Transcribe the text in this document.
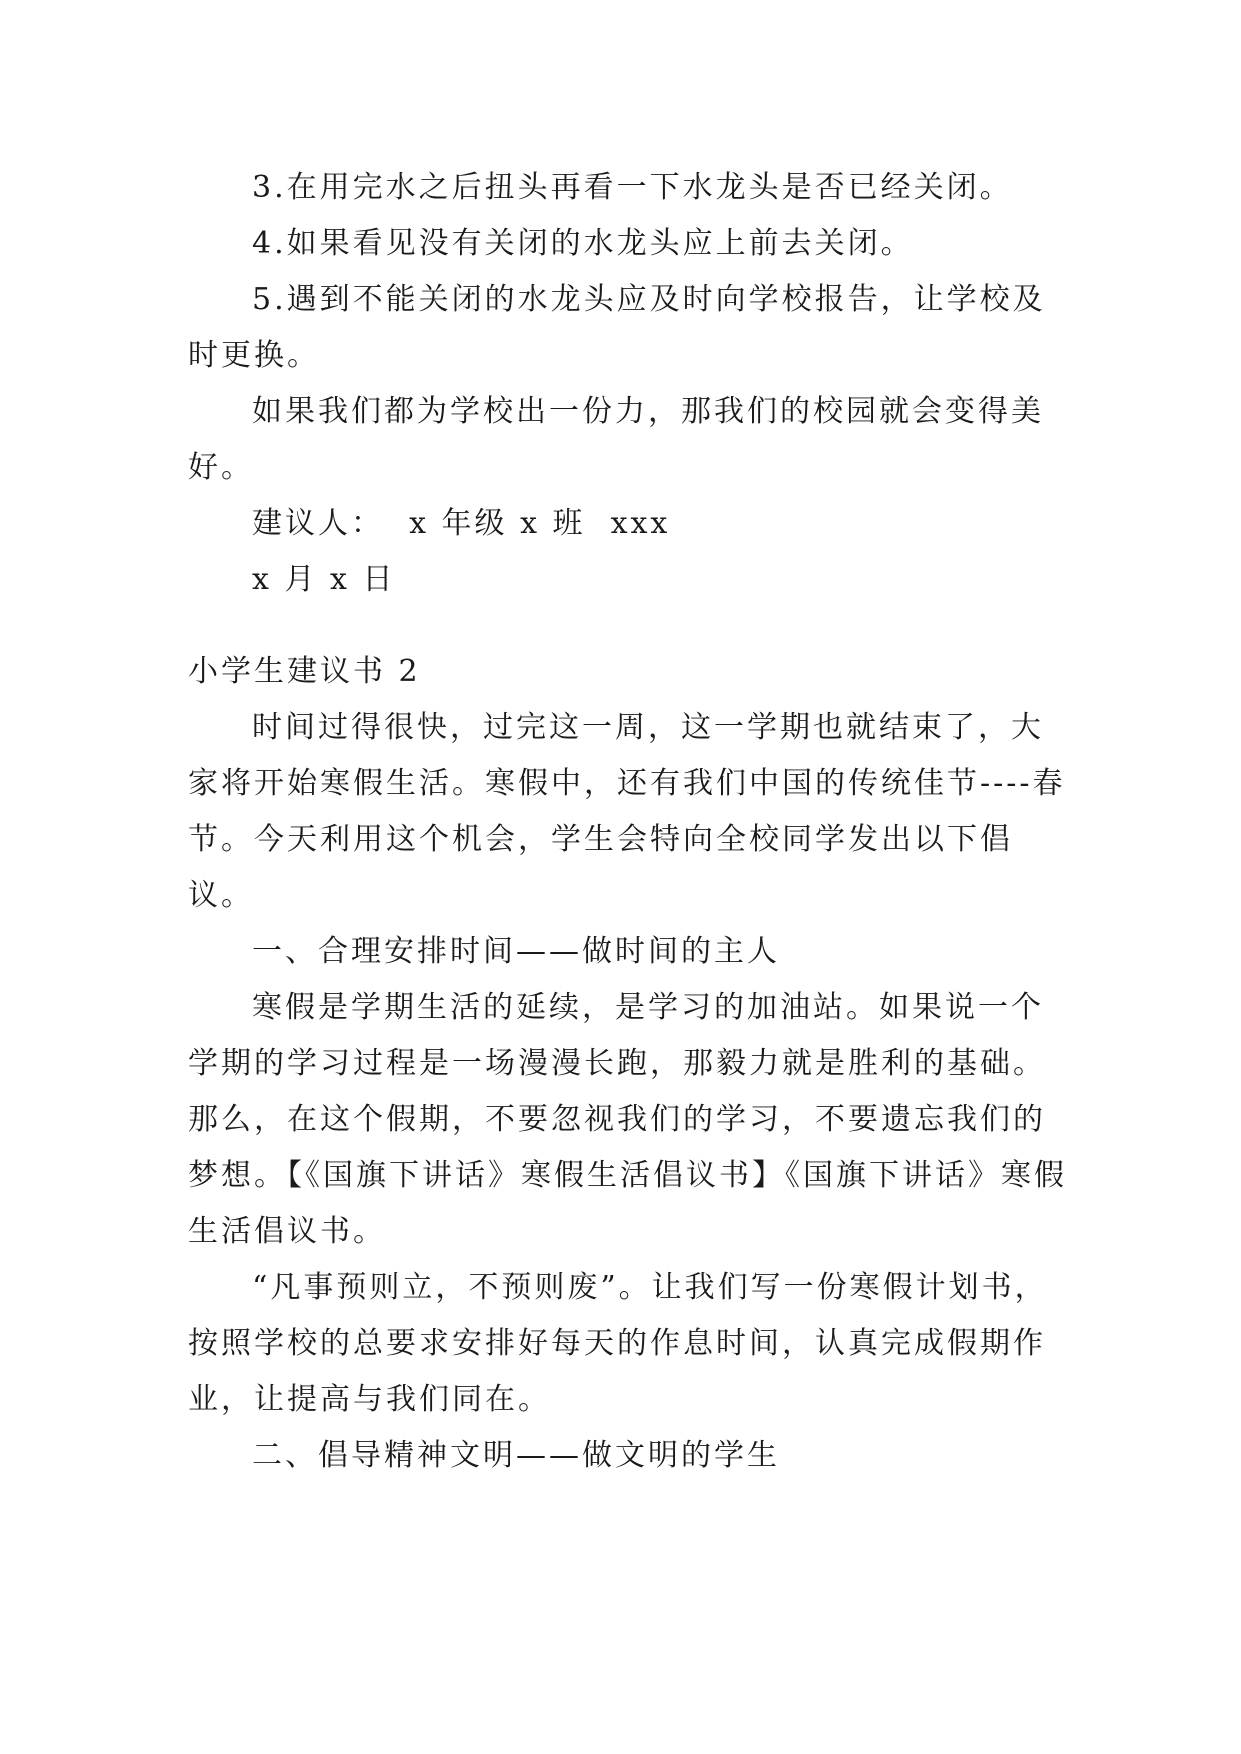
3.在用完水之后扭头再看一下水龙头是否已经关闭。

4.如果看见没有关闭的水龙头应上前去关闭。

5.遇到不能关闭的水龙头应及时向学校报告，让学校及时更换。

如果我们都为学校出一份力，那我们的校园就会变得美好。

建议人：  x 年级 x 班  xxx

x 月 x 日

小学生建议书 2

时间过得很快，过完这一周，这一学期也就结束了，大家将开始寒假生活。寒假中，还有我们中国的传统佳节----春节。今天利用这个机会，学生会特向全校同学发出以下倡议。

一、合理安排时间——做时间的主人

寒假是学期生活的延续，是学习的加油站。如果说一个学期的学习过程是一场漫漫长跑，那毅力就是胜利的基础。那么，在这个假期，不要忽视我们的学习，不要遗忘我们的梦想。【《国旗下讲话》寒假生活倡议书】《国旗下讲话》寒假生活倡议书。

“凡事预则立，不预则废”。让我们写一份寒假计划书，按照学校的总要求安排好每天的作息时间，认真完成假期作业，让提高与我们同在。

二、倡导精神文明——做文明的学生
